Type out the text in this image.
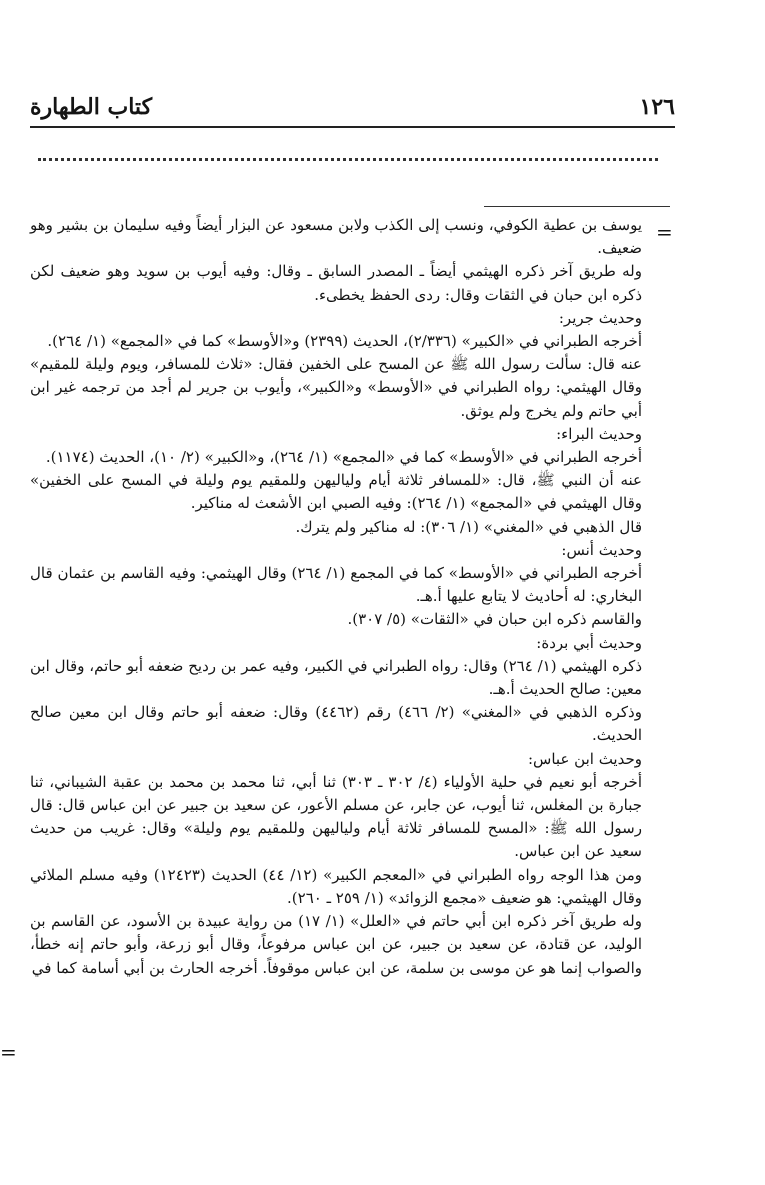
١٢٦
كتاب الطهارة
=
=

يوسف بن عطية الكوفي، ونسب إلى الكذب ولابن مسعود عن البزار أيضاً وفيه سليمان بن بشير وهو ضعيف.

وله طريق آخر ذكره الهيثمي أيضاً ـ المصدر السابق ـ وقال: وفيه أيوب بن سويد وهو ضعيف لكن ذكره ابن حبان في الثقات وقال: ردى الحفظ يخطىء.

وحديث جرير:

أخرجه الطبراني في «الكبير» (٢/٣٣٦)، الحديث (٢٣٩٩) و«الأوسط» كما في «المجمع» (١/ ٢٦٤).

عنه قال: سألت رسول الله ﷺ عن المسح على الخفين فقال: «ثلاث للمسافر، ويوم وليلة للمقيم» وقال الهيثمي: رواه الطبراني في «الأوسط» و«الكبير»، وأيوب بن جرير لم أجد من ترجمه غير ابن أبي حاتم ولم يخرج ولم يوثق.

وحديث البراء:

أخرجه الطبراني في «الأوسط» كما في «المجمع» (١/ ٢٦٤)، و«الكبير» (٢/ ١٠)، الحديث (١١٧٤).

عنه أن النبي ﷺ، قال: «للمسافر ثلاثة أيام ولياليهن وللمقيم يوم وليلة في المسح على الخفين» وقال الهيثمي في «المجمع» (١/ ٢٦٤): وفيه الصبي ابن الأشعث له مناكير.

قال الذهبي في «المغني» (١/ ٣٠٦): له مناكير ولم يترك.

وحديث أنس:

أخرجه الطبراني في «الأوسط» كما في المجمع (١/ ٢٦٤) وقال الهيثمي: وفيه القاسم بن عثمان قال البخاري: له أحاديث لا يتابع عليها أ.هـ.

والقاسم ذكره ابن حبان في «الثقات» (٥/ ٣٠٧).

وحديث أبي بردة:

ذكره الهيثمي (١/ ٢٦٤) وقال: رواه الطبراني في الكبير، وفيه عمر بن رديح ضعفه أبو حاتم، وقال ابن معين: صالح الحديث أ.هـ.

وذكره الذهبي في «المغني» (٢/ ٤٦٦) رقم (٤٤٦٢) وقال: ضعفه أبو حاتم وقال ابن معين صالح الحديث.

وحديث ابن عباس:

أخرجه أبو نعيم في حلية الأولياء (٤/ ٣٠٢ ـ ٣٠٣) ثنا أبي، ثنا محمد بن محمد بن عقبة الشيباني، ثنا جبارة بن المغلس، ثنا أيوب، عن جابر، عن مسلم الأعور، عن سعيد بن جبير عن ابن عباس قال: قال رسول الله ﷺ: «المسح للمسافر ثلاثة أيام ولياليهن وللمقيم يوم وليلة» وقال: غريب من حديث سعيد عن ابن عباس.

ومن هذا الوجه رواه الطبراني في «المعجم الكبير» (١٢/ ٤٤) الحديث (١٢٤٢٣) وفيه مسلم الملائي وقال الهيثمي: هو ضعيف «مجمع الزوائد» (١/ ٢٥٩ ـ ٢٦٠).

وله طريق آخر ذكره ابن أبي حاتم في «العلل» (١/ ١٧) من رواية عبيدة بن الأسود، عن القاسم بن الوليد، عن قتادة، عن سعيد بن جبير، عن ابن عباس مرفوعاً، وقال أبو زرعة، وأبو حاتم إنه خطأ، والصواب إنما هو عن موسى بن سلمة، عن ابن عباس موقوفاً. أخرجه الحارث بن أبي أسامة كما في
